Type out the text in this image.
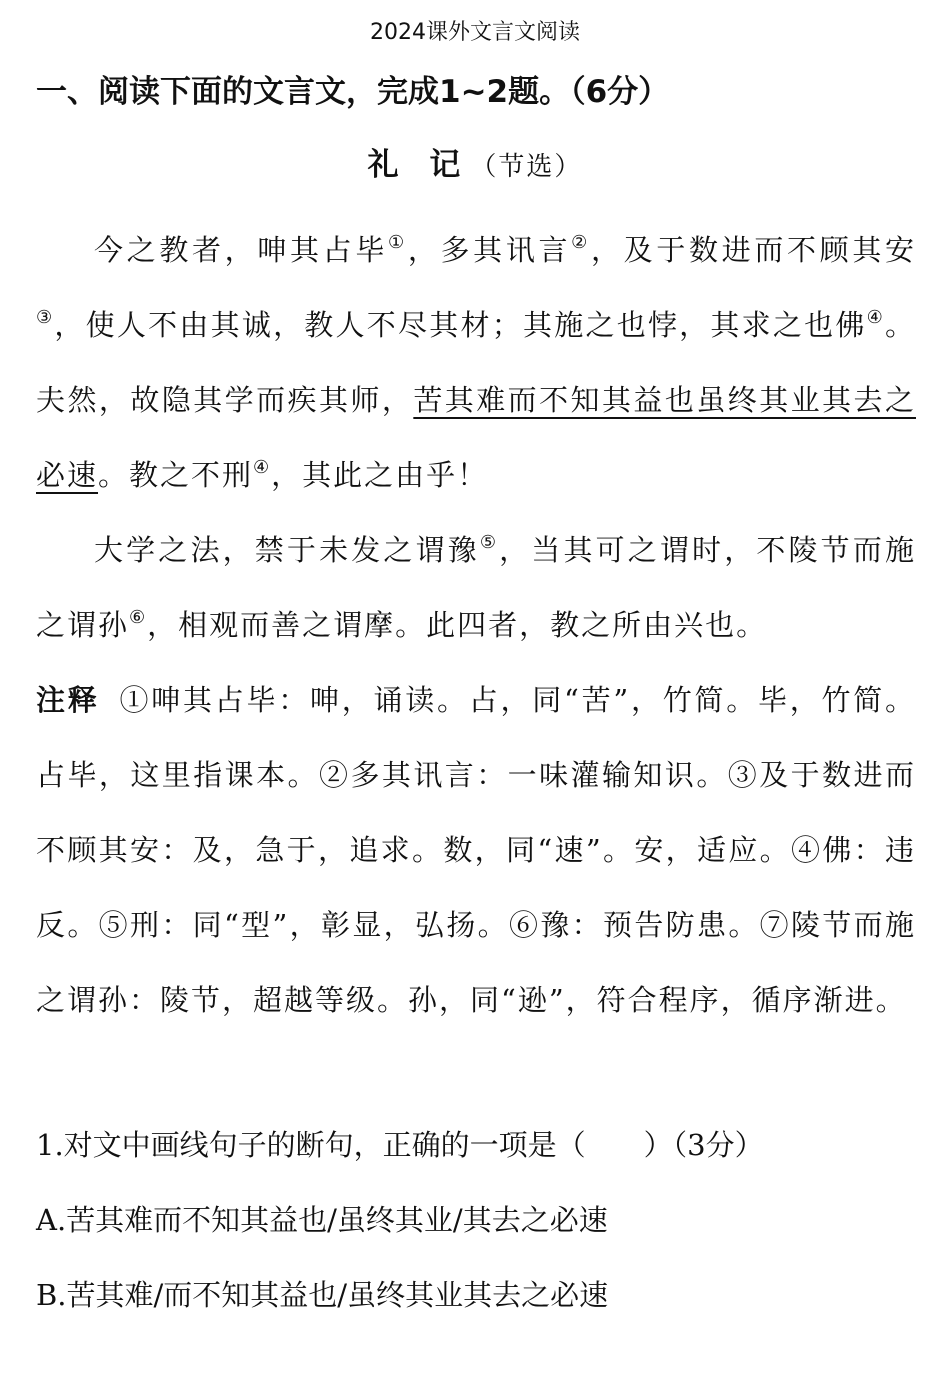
2024课外文言文阅读
一、阅读下面的文言文，完成1~2题。（6分）
礼 记（节选）

今之教者，呻其占毕①，多其讯言②，及于数进而不顾其安③，使人不由其诚，教人不尽其材；其施之也悖，其求之也佛④。夫然，故隐其学而疾其师，苦其难而不知其益也虽终其业其去之必速。教之不刑④，其此之由乎！

大学之法，禁于未发之谓豫⑤，当其可之谓时，不陵节而施之谓孙⑥，相观而善之谓摩。此四者，教之所由兴也。

注释 ①呻其占毕：呻，诵读。占，同“苦”，竹简。毕，竹简。占毕，这里指课本。②多其讯言：一味灌输知识。③及于数进而不顾其安：及，急于，追求。数，同“速”。安，适应。④佛：违反。⑤刑：同“型”，彰显，弘扬。⑥豫：预告防患。⑦陵节而施之谓孙：陵节，超越等级。孙，同“逊”，符合程序，循序渐进。

1.对文中画线句子的断句，正确的一项是（　　）（3分）
A.苦其难而不知其益也/虽终其业/其去之必速
B.苦其难/而不知其益也/虽终其业其去之必速
